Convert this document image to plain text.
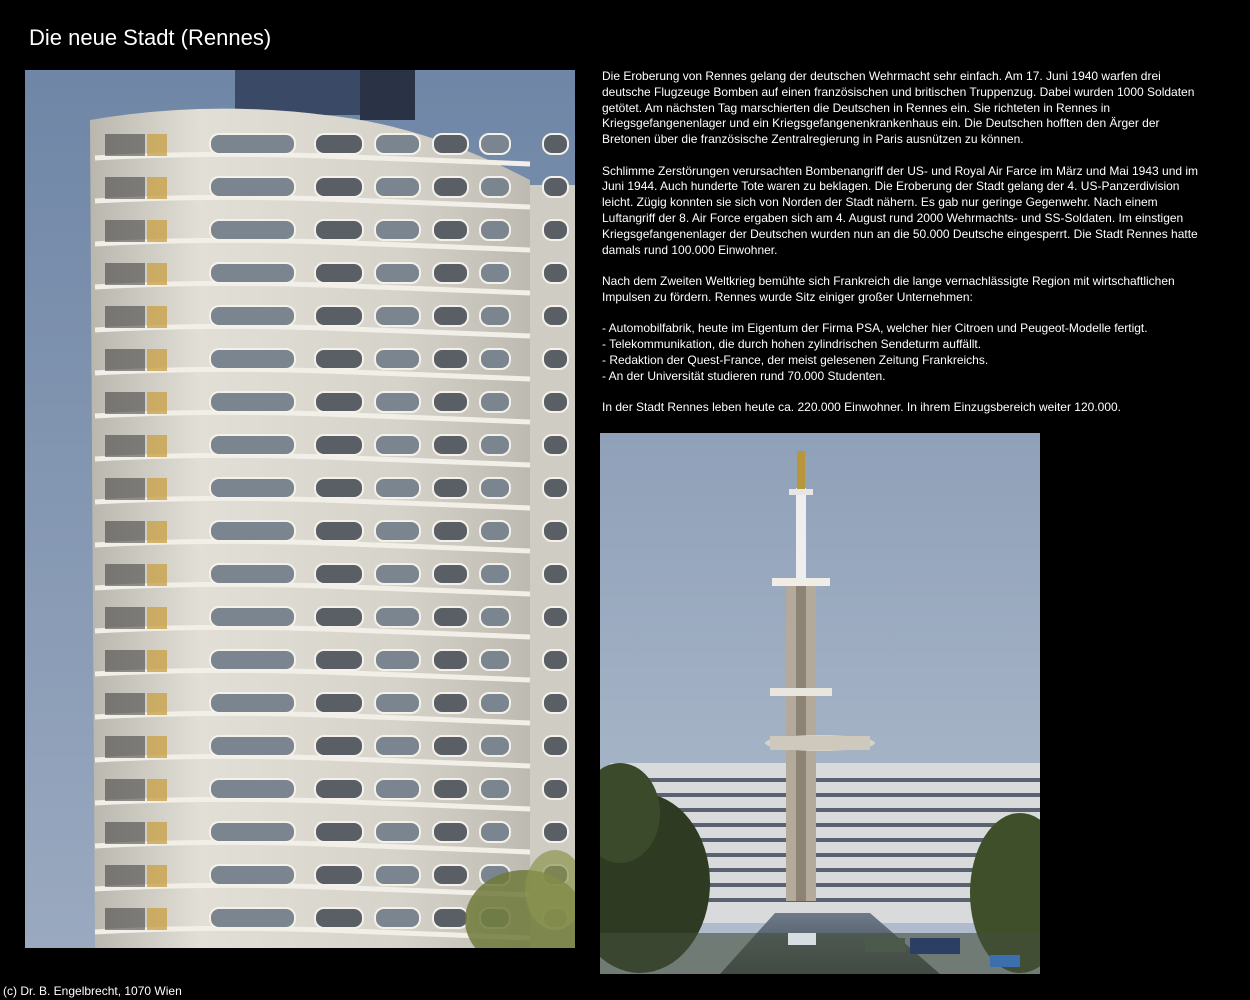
Die neue Stadt (Rennes)

Die Eroberung von Rennes gelang der deutschen Wehrmacht sehr einfach. Am 17. Juni 1940 warfen drei deutsche Flugzeuge Bomben auf einen französischen und britischen Truppenzug. Dabei wurden 1000 Soldaten getötet. Am nächsten Tag marschierten die Deutschen in Rennes ein. Sie richteten in Rennes in Kriegsgefangenenlager und ein Kriegsgefangenenkrankenhaus ein. Die Deutschen hofften den Ärger der Bretonen über die französische Zentralregierung in Paris ausnützen zu können.

Schlimme Zerstörungen verursachten Bombenangriff der US- und Royal Air Farce im März und Mai 1943 und im Juni 1944. Auch hunderte Tote waren zu beklagen. Die Eroberung der Stadt gelang der 4. US-Panzerdivision leicht. Zügig konnten sie sich von Norden der Stadt nähern. Es gab nur geringe Gegenwehr. Nach einem Luftangriff der 8. Air Force ergaben sich am 4. August rund 2000 Wehrmachts- und SS-Soldaten. Im einstigen Kriegsgefangenenlager der Deutschen wurden nun an die 50.000 Deutsche eingesperrt. Die Stadt Rennes hatte damals rund 100.000 Einwohner.

Nach dem Zweiten Weltkrieg bemühte sich Frankreich die lange vernachlässigte Region mit wirtschaftlichen Impulsen zu fördern. Rennes wurde Sitz einiger großer Unternehmen:

- Automobilfabrik, heute im Eigentum der Firma PSA, welcher hier Citroen und Peugeot-Modelle fertigt.
- Telekommunikation, die durch hohen zylindrischen Sendeturm auffällt.
- Redaktion der Quest-France, der meist gelesenen Zeitung Frankreichs.
- An der Universität studieren rund 70.000 Studenten.

In der Stadt Rennes leben heute ca. 220.000 Einwohner. In ihrem Einzugsbereich weiter 120.000.

(c) Dr. B. Engelbrecht, 1070 Wien
